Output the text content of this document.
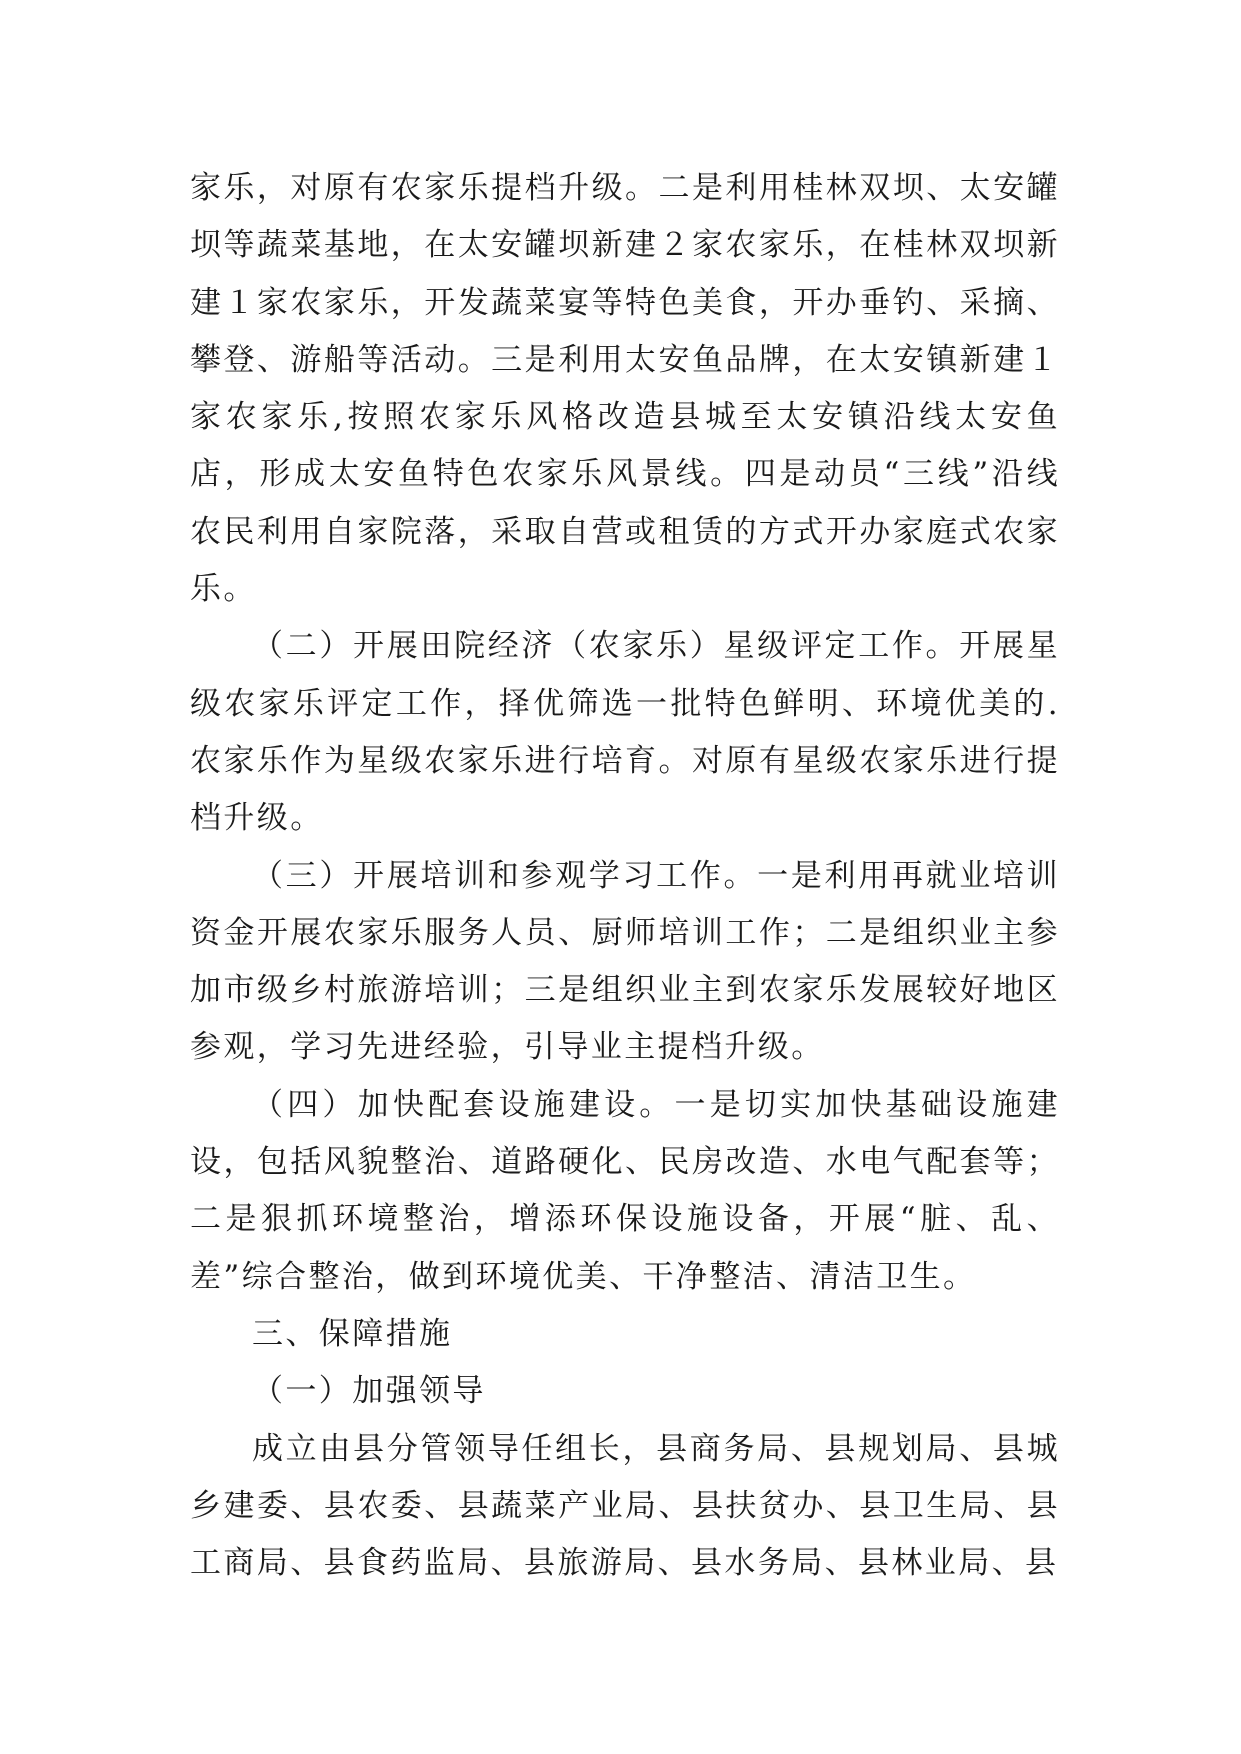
家乐，对原有农家乐提档升级。二是利用桂林双坝、太安罐坝等蔬菜基地，在太安罐坝新建２家农家乐，在桂林双坝新建１家农家乐，开发蔬菜宴等特色美食，开办垂钓、采摘、攀登、游船等活动。三是利用太安鱼品牌，在太安镇新建１家农家乐,按照农家乐风格改造县城至太安镇沿线太安鱼店，形成太安鱼特色农家乐风景线。四是动员“三线”沿线农民利用自家院落，采取自营或租赁的方式开办家庭式农家乐。

（二）开展田院经济（农家乐）星级评定工作。开展星级农家乐评定工作，择优筛选一批特色鲜明、环境优美的.农家乐作为星级农家乐进行培育。对原有星级农家乐进行提档升级。

（三）开展培训和参观学习工作。一是利用再就业培训资金开展农家乐服务人员、厨师培训工作；二是组织业主参加市级乡村旅游培训；三是组织业主到农家乐发展较好地区参观，学习先进经验，引导业主提档升级。

（四）加快配套设施建设。一是切实加快基础设施建设，包括风貌整治、道路硬化、民房改造、水电气配套等；二是狠抓环境整治，增添环保设施设备，开展“脏、乱、差”综合整治，做到环境优美、干净整洁、清洁卫生。

三、保障措施

（一）加强领导

成立由县分管领导任组长，县商务局、县规划局、县城乡建委、县农委、县蔬菜产业局、县扶贫办、县卫生局、县工商局、县食药监局、县旅游局、县水务局、县林业局、县
